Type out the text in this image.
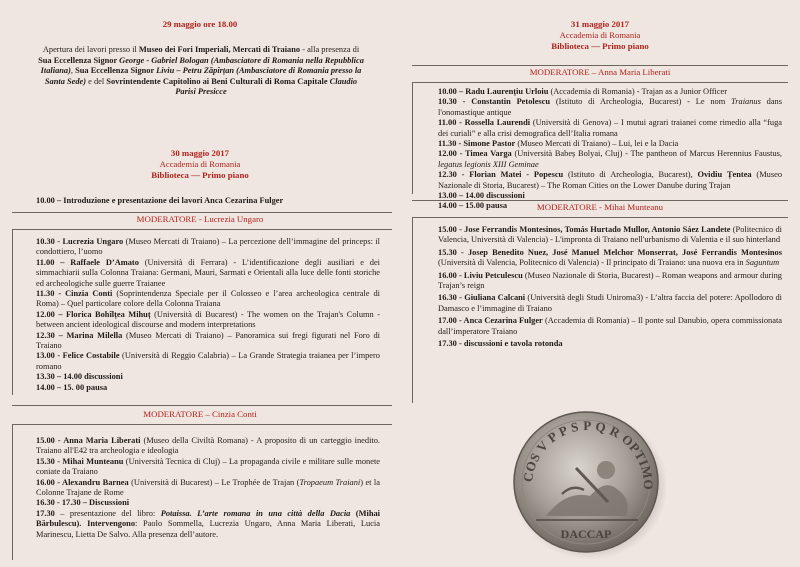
29 maggio ore 18.00
Apertura dei lavori presso il Museo dei Fori Imperiali, Mercati di Traiano - alla presenza di Sua Eccellenza Signor George - Gabriel Bologan (Ambasciatore di Romania nella Repubblica Italiana), Sua Eccellenza Signor Liviu – Petru Zăpîrțan (Ambasciatore di Romania presso la Santa Sede) e del Sovrintendente Capitolino ai Beni Culturali di Roma Capitale Claudio Parisi Presicce
30 maggio 2017
Accademia di Romania
Biblioteca — Primo piano
10.00 – Introduzione e presentazione dei lavori Anca Cezarina Fulger
MODERATORE - Lucrezia Ungaro
10.30 - Lucrezia Ungaro (Museo Mercati di Traiano) – La percezione dell’immagine del princeps: il condottiero, l’uomo
11.00 – Raffaele D’Amato (Università di Ferrara) - L’identificazione degli ausiliari e dei simmachiarii sulla Colonna Traiana: Germani, Mauri, Sarmati e Orientali alla luce delle fonti storiche ed archeologiche sulle guerre Traianee
11.30 - Cinzia Conti (Soprintendenza Speciale per il Colosseo e l’area archeologica centrale di Roma) – Quel particolare colore della Colonna Traiana
12.00 – Florica Bohîlțea Mihuț (Università di Bucarest) - The women on the Trajan's Column - between ancient ideological discourse and modern interpretations
12.30 – Marina Milella (Museo Mercati di Traiano) – Panoramica sui fregi figurati nel Foro di Traiano
13.00 - Felice Costabile (Università di Reggio Calabria) – La Grande Strategia traianea per l’impero romano
13.30 – 14.00 discussioni
14.00 – 15. 00 pausa
MODERATORE – Cinzia Conti
15.00 - Anna Maria Liberati (Museo della Civiltà Romana) - A proposito di un carteggio inedito. Traiano all'E42 tra archeologia e ideologia
15.30 - Mihai Munteanu (Università Tecnica di Cluj) – La propaganda civile e militare sulle monete coniate da Traiano
16.00 - Alexandru Barnea (Università di Bucarest) – Le Trophée de Trajan (Tropaeum Traiani) et la Colonne Trajane de Rome
16.30 - 17.30 – Discussioni
17.30 – presentazione del libro: Potaissa. L’arte romana in una città della Dacia (Mihai Bărbulescu). Intervengono: Paolo Sommella, Lucrezia Ungaro, Anna Maria Liberati, Lucia Marinescu, Lietta De Salvo. Alla presenza dell’autore.
31 maggio 2017
Accademia di Romania
Biblioteca — Primo piano
MODERATORE – Anna Maria Liberati
10.00 – Radu Laurențiu Urloiu (Accademia di Romania) - Trajan as a Junior Officer
10.30 - Constantin Petolescu (Istituto di Archeologia, Bucarest) - Le nom Traianus dans l'onomastique antique
11.00 - Rossella Laurendi (Università di Genova) – I mutui agrari traianei come rimedio alla “fuga dei curiali” e alla crisi demografica dell’Italia romana
11.30 - Simone Pastor (Museo Mercati di Traiano) – Lui, lei e la Dacia
12.00 - Timea Varga (Università Babeș Bolyai, Cluj) - The pantheon of Marcus Herennius Faustus, legatus legionis XIII Geminae
12.30 - Florian Matei - Popescu (Istituto di Archeologia, Bucarest), Ovidiu Țentea (Museo Nazionale di Storia, Bucarest) – The Roman Cities on the Lower Danube during Trajan
13.00 – 14.00 discussioni
14.00 – 15.00 pausa	MODERATORE - Mihai Munteanu
15.00 - Jose Ferrandis Montesinos, Tomás Hurtado Mullor, Antonio Sáez Landete (Politecnico di Valencia, Università di Valencia) - L'impronta di Traiano nell'urbanismo di Valentia e il suo hinterland
15.30 - Josep Benedito Nuez, José Manuel Melchor Monserrat, José Ferrandis Montesinos (Università di Valencia, Politecnico di Valencia) - Il principato di Traiano: una nuova era in Saguntum
16.00 - Liviu Petculescu (Museo Nazionale di Storia, Bucarest) – Roman weapons and armour during Trajan’s reign
16.30 - Giuliana Calcani (Università degli Studi Uniroma3) - L’altra faccia del potere: Apollodoro di Damasco e l’immagine di Traiano
17.00 - Anca Cezarina Fulger (Accademia di Romania) – Il ponte sul Danubio, opera commissionata dall’imperatore Traiano
17.30 - discussioni e tavola rotonda
COS V P P S P Q R OPTIMO
DACCAP
